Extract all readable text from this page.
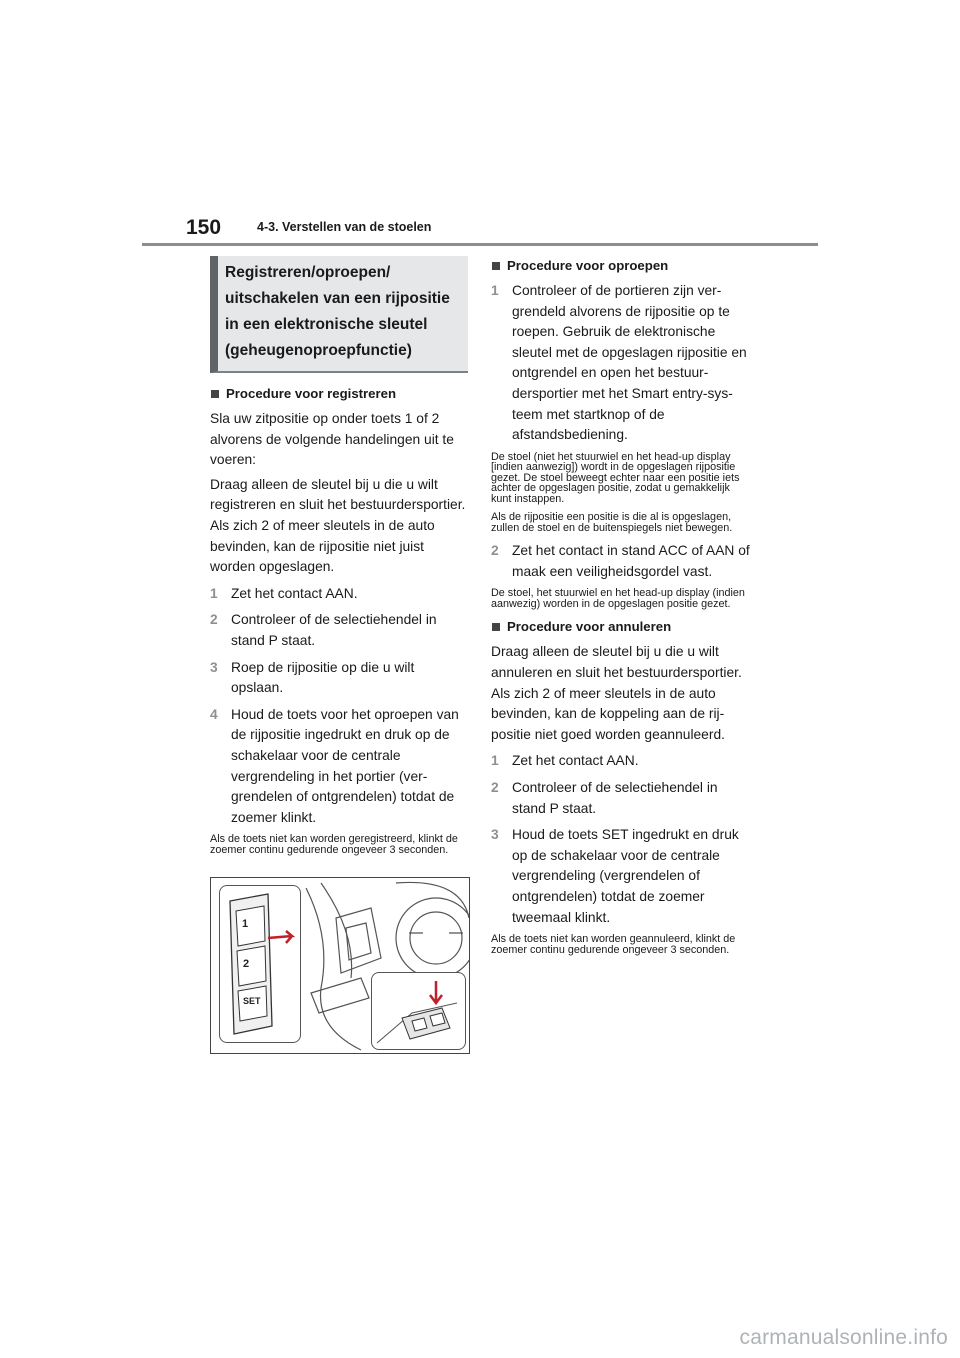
150	4-3. Verstellen van de stoelen
Registreren/oproepen/
uitschakelen van een rijpositie
in een elektronische sleutel
(geheugenoproepfunctie)
Procedure voor registreren

Sla uw zitpositie op onder toets 1 of 2 alvorens de volgende handelingen uit te voeren:

Draag alleen de sleutel bij u die u wilt registreren en sluit het bestuurdersportier.

Als zich 2 of meer sleutels in de auto bevinden, kan de rijpositie niet juist worden opgeslagen.

1 Zet het contact AAN.
2 Controleer of de selectiehendel in stand P staat.
3 Roep de rijpositie op die u wilt opslaan.
4 Houd de toets voor het oproepen van de rijpositie ingedrukt en druk op de schakelaar voor de centrale vergrendeling in het portier (vergrendelen of ontgrendelen) totdat de zoemer klinkt.

Als de toets niet kan worden geregistreerd, klinkt de zoemer continu gedurende ongeveer 3 seconden.

1
2
SET
Procedure voor oproepen
1 Controleer of de portieren zijn vergrendeld alvorens de rijpositie op te roepen. Gebruik de elektronische sleutel met de opgeslagen rijpositie en ontgrendel en open het bestuurdersportier met het Smart entry-systeem met startknop of de afstandsbediening.

De stoel (niet het stuurwiel en het head-up display [indien aanwezig]) wordt in de opgeslagen rijpositie gezet. De stoel beweegt echter naar een positie iets achter de opgeslagen positie, zodat u gemakkelijk kunt instappen.

Als de rijpositie een positie is die al is opgeslagen, zullen de stoel en de buitenspiegels niet bewegen.

2 Zet het contact in stand ACC of AAN of maak een veiligheidsgordel vast.

De stoel, het stuurwiel en het head-up display (indien aanwezig) worden in de opgeslagen positie gezet.

Procedure voor annuleren

Draag alleen de sleutel bij u die u wilt annuleren en sluit het bestuurdersportier.

Als zich 2 of meer sleutels in de auto bevinden, kan de koppeling aan de rijpositie niet goed worden geannuleerd.

1 Zet het contact AAN.
2 Controleer of de selectiehendel in stand P staat.
3 Houd de toets SET ingedrukt en druk op de schakelaar voor de centrale vergrendeling (vergrendelen of ontgrendelen) totdat de zoemer tweemaal klinkt.

Als de toets niet kan worden geannuleerd, klinkt de zoemer continu gedurende ongeveer 3 seconden.

carmanualsonline.info
